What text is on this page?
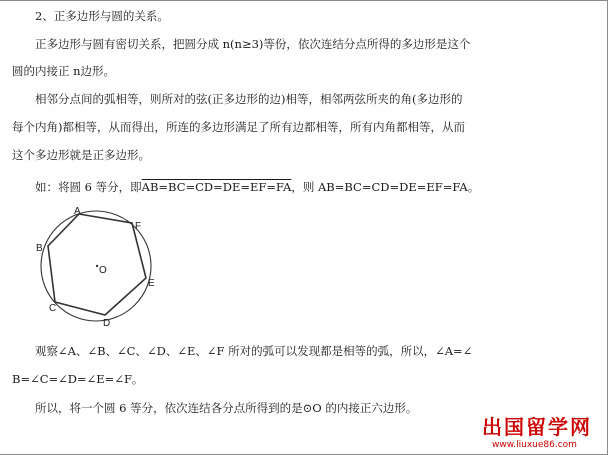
2、正多边形与圆的关系。
正多边形与圆有密切关系，把圆分成 n(n≥3)等份，依次连结分点所得的多边形是这个
圆的内接正 n边形。
相邻分点间的弧相等，则所对的弦(正多边形的边)相等，相邻两弦所夹的角(多边形的
每个内角)都相等，从而得出，所连的多边形满足了所有边都相等，所有内角都相等，从而
这个多边形就是正多边形。
如：将圆 6 等分，即AB=BC=CD=DE=EF=FA，则 AB=BC=CD=DE=EF=FA。
A
F
B
O
E
C
D
观察∠A、∠B、∠C、∠D、∠E、∠F 所对的弧可以发现都是相等的弧，所以，∠A=∠
B=∠C=∠D=∠E=∠F。
所以，将一个圆 6 等分，依次连结各分点所得到的是⊙O 的内接正六边形。
出国留学网
www.liuxue86.com
